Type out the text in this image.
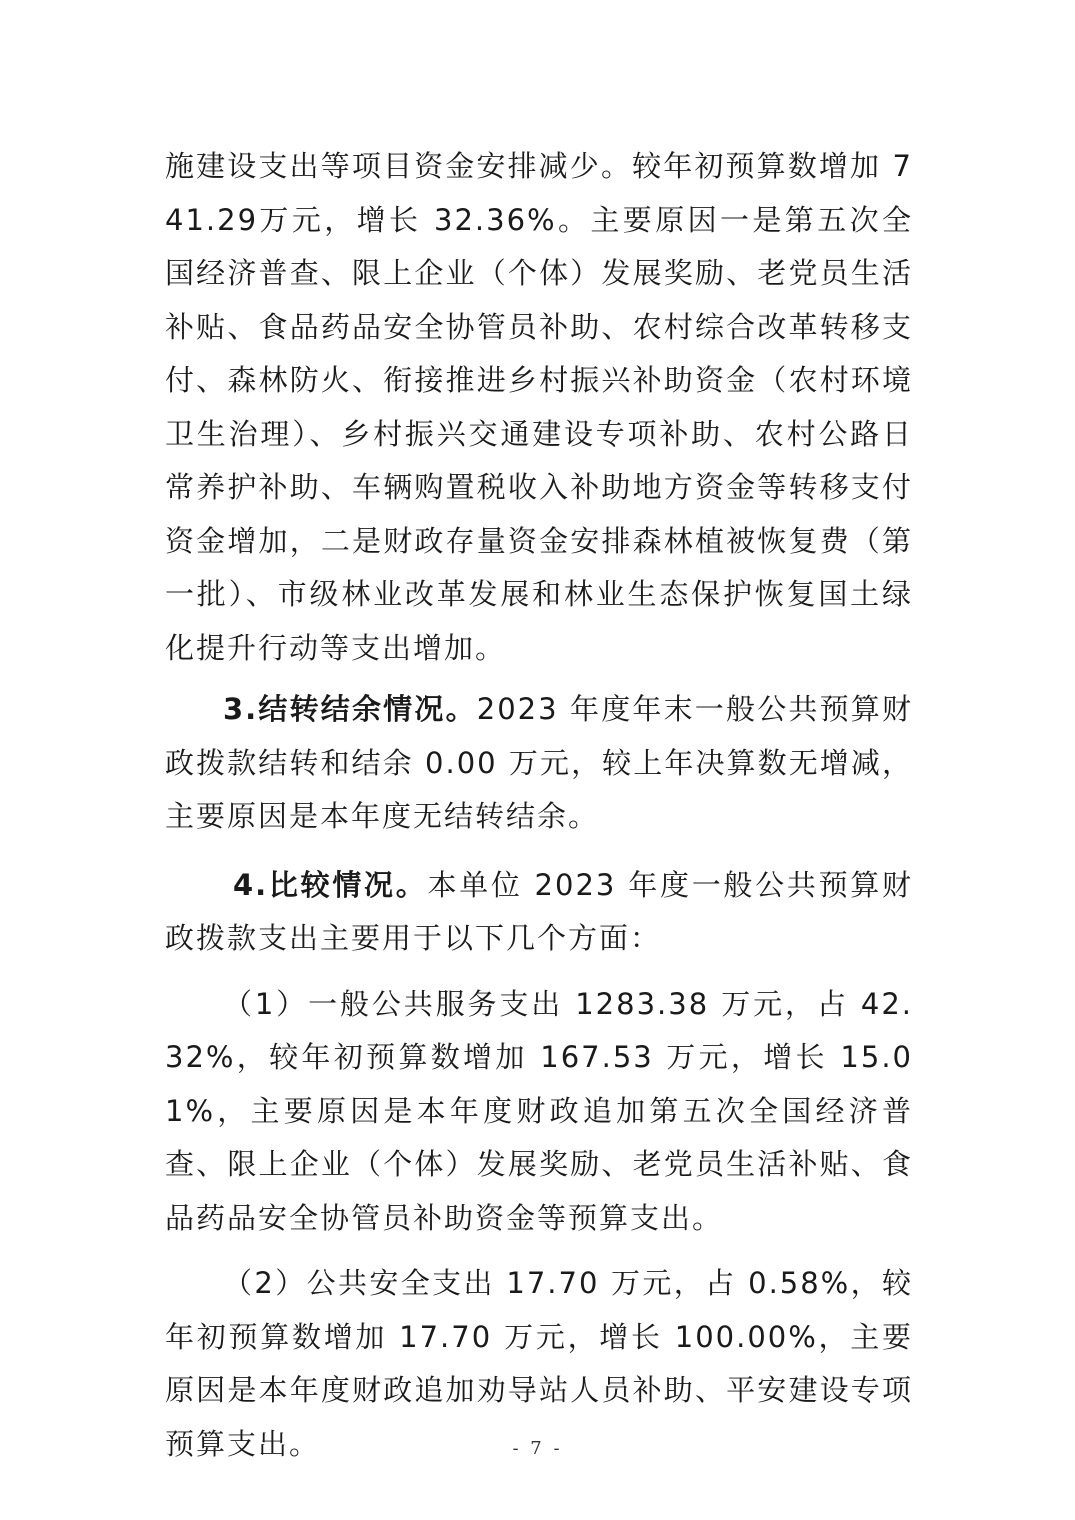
施建设支出等项目资金安排减少。较年初预算数增加 741.29万元，增长 32.36%。主要原因一是第五次全国经济普查、限上企业（个体）发展奖励、老党员生活补贴、食品药品安全协管员补助、农村综合改革转移支付、森林防火、衔接推进乡村振兴补助资金（农村环境卫生治理）、乡村振兴交通建设专项补助、农村公路日常养护补助、车辆购置税收入补助地方资金等转移支付资金增加，二是财政存量资金安排森林植被恢复费（第一批）、市级林业改革发展和林业生态保护恢复国土绿化提升行动等支出增加。

3.结转结余情况。2023 年度年末一般公共预算财政拨款结转和结余 0.00 万元，较上年决算数无增减，主要原因是本年度无结转结余。

4.比较情况。本单位 2023 年度一般公共预算财政拨款支出主要用于以下几个方面：

（1）一般公共服务支出 1283.38 万元，占 42.32%，较年初预算数增加 167.53 万元，增长 15.01%，主要原因是本年度财政追加第五次全国经济普查、限上企业（个体）发展奖励、老党员生活补贴、食品药品安全协管员补助资金等预算支出。

（2）公共安全支出 17.70 万元，占 0.58%，较年初预算数增加 17.70 万元，增长 100.00%，主要原因是本年度财政追加劝导站人员补助、平安建设专项预算支出。	- 7 -
